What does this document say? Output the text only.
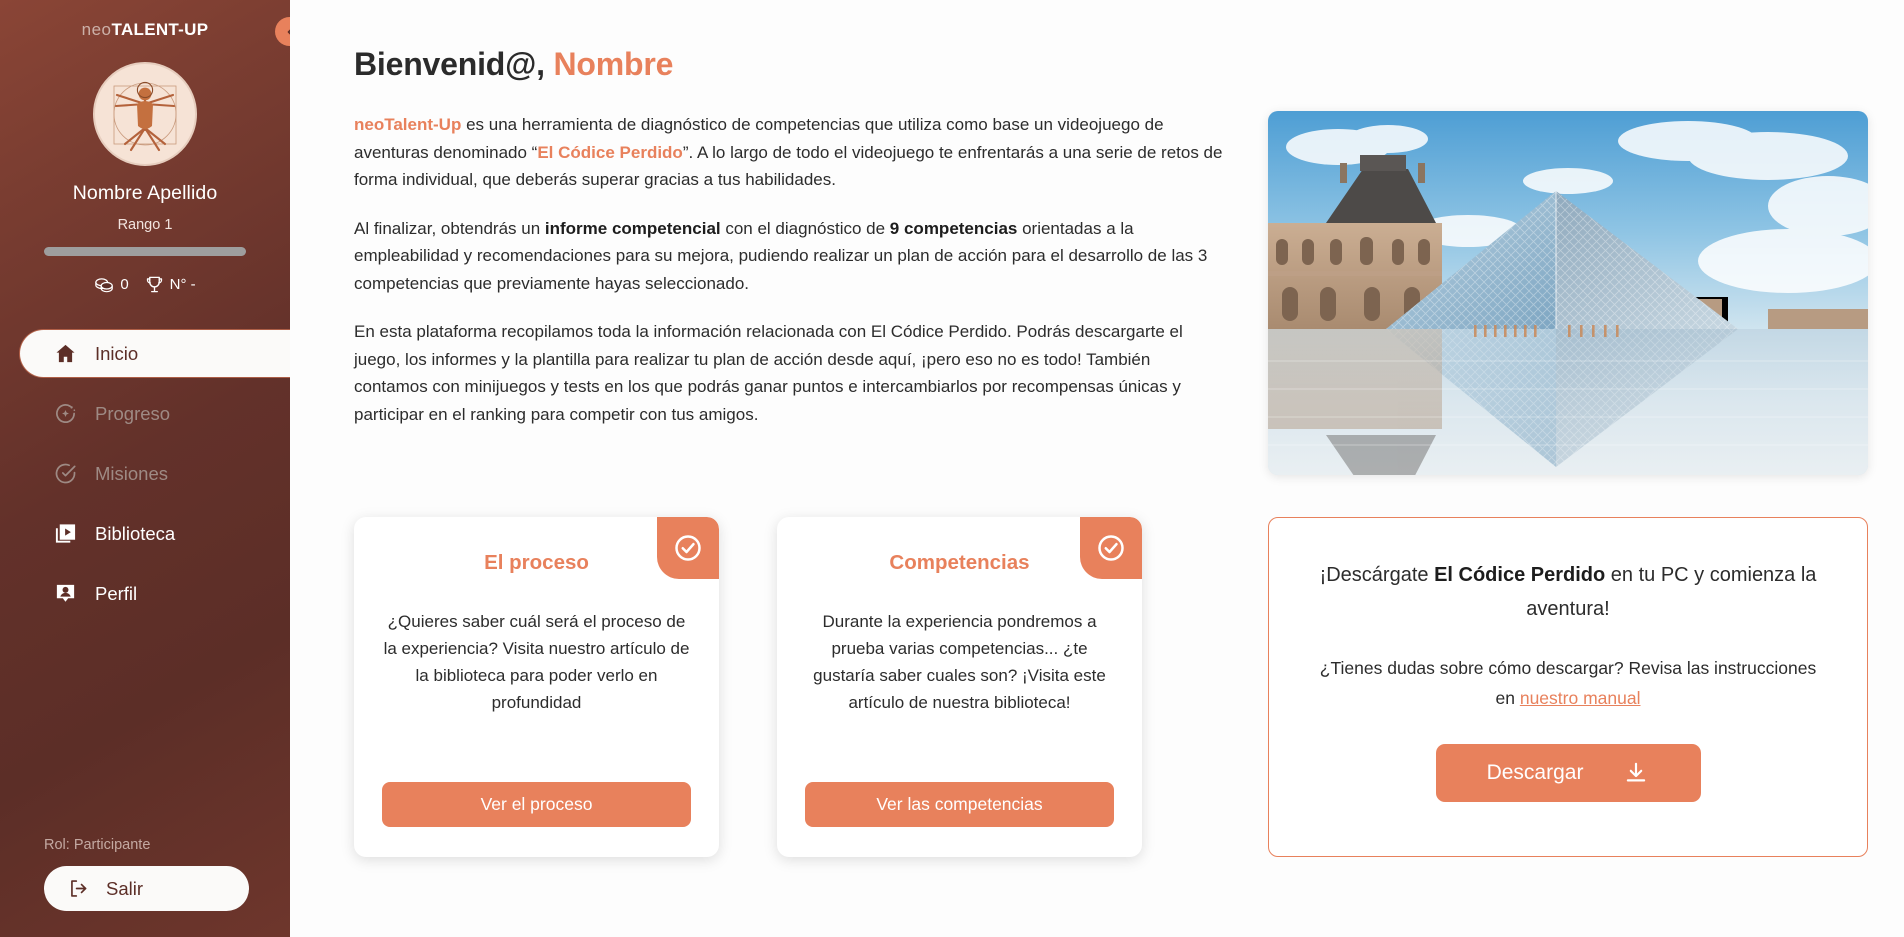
neo TALENT-UP
Nombre Apellido
Rango 1
0	N° -
Inicio
Progreso
Misiones
Biblioteca
Perfil
Rol: Participante
Salir
Bienvenid@, Nombre

neoTalent-Up es una herramienta de diagnóstico de competencias que utiliza como base un videojuego de aventuras denominado “El Códice Perdido”. A lo largo de todo el videojuego te enfrentarás a una serie de retos de forma individual, que deberás superar gracias a tus habilidades.

Al finalizar, obtendrás un informe competencial con el diagnóstico de 9 competencias orientadas a la empleabilidad y recomendaciones para su mejora, pudiendo realizar un plan de acción para el desarrollo de las 3 competencias que previamente hayas seleccionado.

En esta plataforma recopilamos toda la información relacionada con El Códice Perdido. Podrás descargarte el juego, los informes y la plantilla para realizar tu plan de acción desde aquí, ¡pero eso no es todo! También contamos con minijuegos y tests en los que podrás ganar puntos e intercambiarlos por recompensas únicas y participar en el ranking para competir con tus amigos.

El proceso
¿Quieres saber cuál será el proceso de la experiencia? Visita nuestro artículo de la biblioteca para poder verlo en profundidad
Ver el proceso
Competencias
Durante la experiencia pondremos a prueba varias competencias... ¿te gustaría saber cuales son? ¡Visita este artículo de nuestra biblioteca!
Ver las competencias
¡Descárgate El Códice Perdido en tu PC y comienza la aventura!
¿Tienes dudas sobre cómo descargar? Revisa las instrucciones en nuestro manual
Descargar
